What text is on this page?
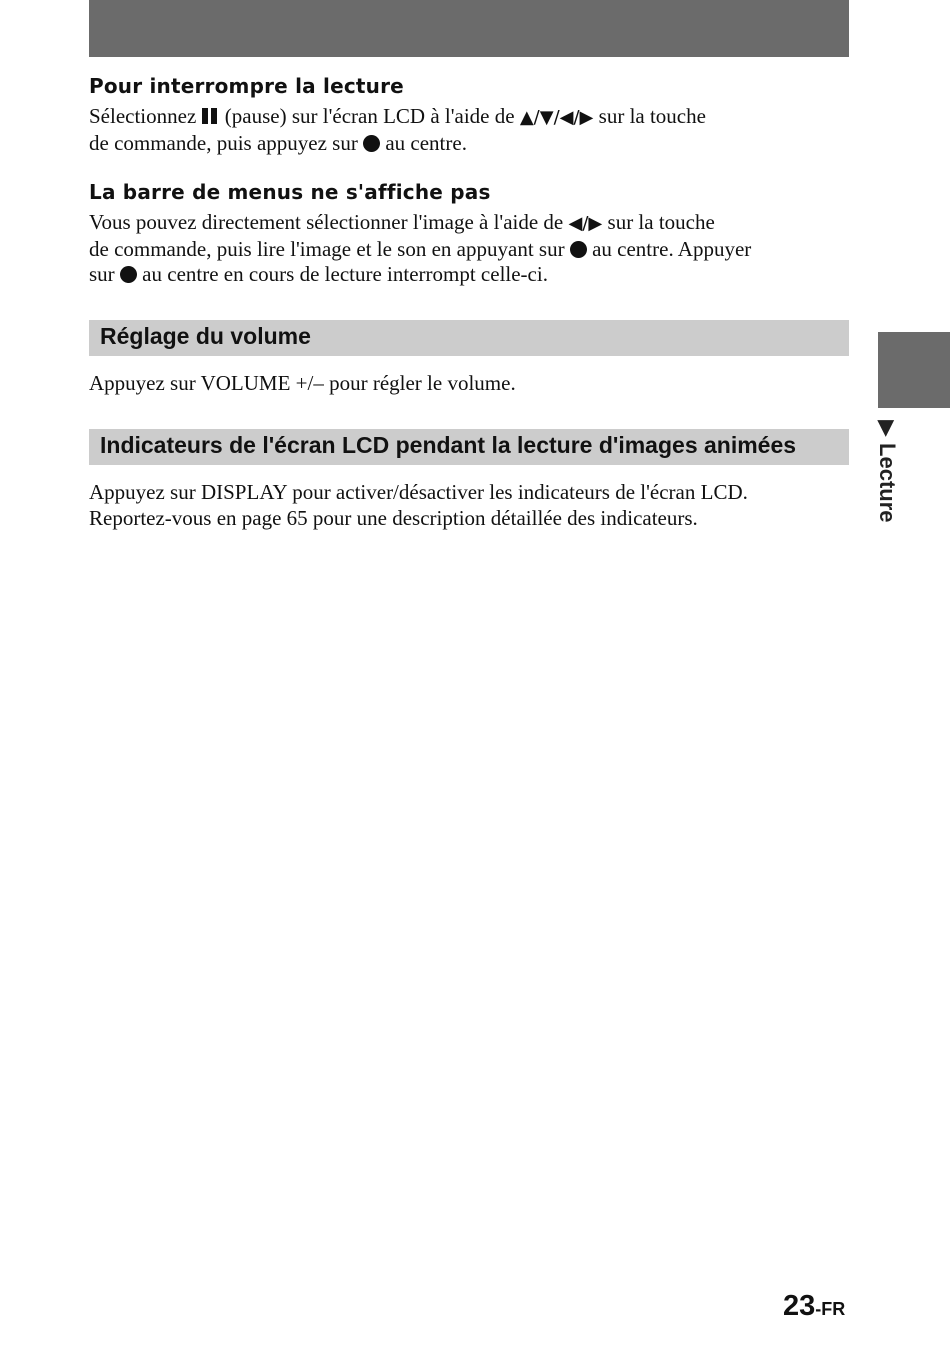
Pour interrompre la lecture

Sélectionnez (pause) sur l'écran LCD à l'aide de ▲/▼/◀/▶ sur la touche
de commande, puis appuyez sur au centre.

La barre de menus ne s'affiche pas

Vous pouvez directement sélectionner l'image à l'aide de ◀/▶ sur la touche
de commande, puis lire l'image et le son en appuyant sur au centre. Appuyer
sur au centre en cours de lecture interrompt celle-ci.

Réglage du volume

Appuyez sur VOLUME +/– pour régler le volume.

Indicateurs de l'écran LCD pendant la lecture d'images animées

Appuyez sur DISPLAY pour activer/désactiver les indicateurs de l'écran LCD.
Reportez-vous en page 65 pour une description détaillée des indicateurs.	▶ Lecture
23-FR
